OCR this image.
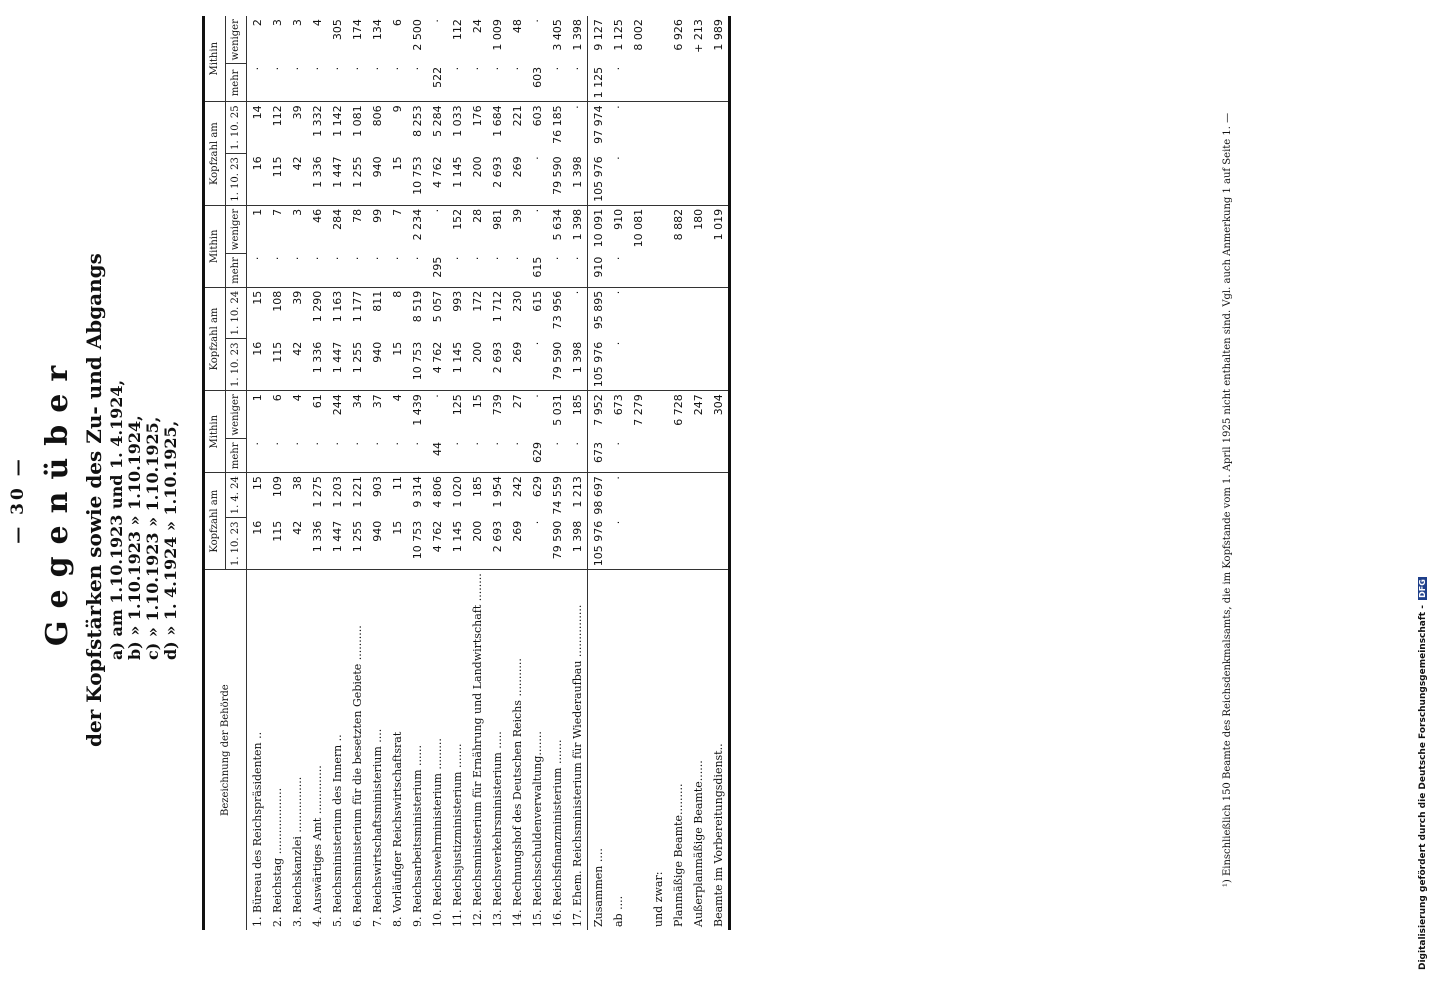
— 30 — Gegenüber der Kopfstärken sowie des Zu- und Abgangs a) am 1.10.1923 und 1. 4.1924, b) » 1.10.1923 » 1.10.1924, c) » 1.10.1923 » 1.10.1925, d) » 1. 4.1924 » 1.10.1925,
Bezeichnung der Behörde	Kopfzahl am		Mithin		Kopfzahl am		Mithin		Kopfzahl am		Mithin	
	1. 10. 23	1. 4. 24	mehr	weniger	1. 10. 23	1. 10. 24	mehr	weniger	1. 10. 23	1. 10. 25	mehr	weniger
1. Büreau des Reichspräsidenten ..	16	15	·	1	16	15	·	1	16	14	·	2
2. Reichstag ...................	115	109	·	6	115	108	·	7	115	112	·	3
3. Reichskanzlei ................	42	38	·	4	42	39	·	3	42	39	·	3
4. Auswärtiges Amt ..............	1 336	1 275	·	61	1 336	1 290	·	46	1 336	1 332	·	4
5. Reichsministerium des Innern ..	1 447	1 203	·	244	1 447	1 163	·	284	1 447	1 142	·	305
6. Reichsministerium für die besetzten Gebiete ..........	1 255	1 221	·	34	1 255	1 177	·	78	1 255	1 081	·	174
7. Reichswirtschaftsministerium ....	940	903	·	37	940	811	·	99	940	806	·	134
8. Vorläufiger Reichswirtschaftsrat	15	11	·	4	15	8	·	7	15	9	·	6
9. Reichsarbeitsministerium ......	10 753	9 314	·	1 439	10 753	8 519	·	2 234	10 753	8 253	·	2 500
10. Reichswehrministerium .........	4 762	4 806	44	·	4 762	5 057	295	·	4 762	5 284	522	·
11. Reichsjustizministerium .......	1 145	1 020	·	125	1 145	993	·	152	1 145	1 033	·	112
12. Reichsministerium für Ernährung und Landwirtschaft ........	200	185	·	15	200	172	·	28	200	176	·	24
13. Reichsverkehrsministerium .....	2 693	1 954	·	739	2 693	1 712	·	981	2 693	1 684	·	1 009
14. Rechnungshof des Deutschen Reichs ...........	269	242	·	27	269	230	·	39	269	221	·	48
15. Reichsschuldenverwaltung.......	·	629	629	·	·	615	615	·	·	603	603	·
16. Reichsfinanzministerium .......	79 590	74 559	·	5 031	79 590	73 956	·	5 634	79 590	76 185	·	3 405
17. Ehem. Reichsministerium für Wiederaufbau ...............	1 398	1 213	·	185	1 398	·	·	1 398	1 398	·	·	1 398
Zusammen ....	105 976	98 697	673	7 952	105 976	95 895	910	10 091	105 976	97 974	1 125	9 127
ab ....	·	·	·	673	·	·	·	910	·	·	·	1 125
				7 279				10 081				8 002
und zwar:												
Planmäßige Beamte.........				6 728				8 882				6 926
Außerplanmäßige Beamte......				247				180				+ 213
Beamte im Vorbereitungsdienst..				304				1 019				1 989
¹) Einschließlich 150 Beamte des Reichsdenkmalsamts, die im Kopfstande vom 1. April 1925 nicht enthalten sind. Vgl. auch Anmerkung 1 auf Seite 1. —	Digitalisierung gefördert durch die Deutsche Forschungsgemeinschaft - DFG
